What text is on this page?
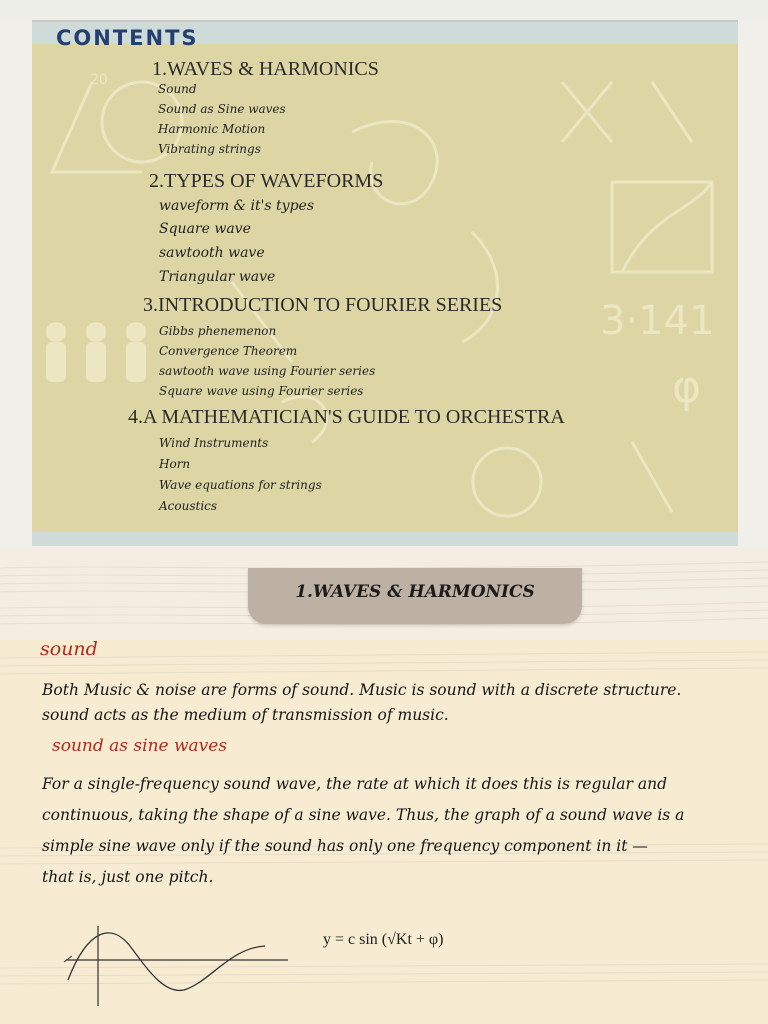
3·141
φ
20
CONTENTS
1.WAVES & HARMONICS
Sound
Sound as Sine waves
Harmonic Motion
Vibrating strings
2.TYPES OF WAVEFORMS
waveform & it's types
Square wave
sawtooth wave
Triangular wave
3.INTRODUCTION TO FOURIER SERIES
Gibbs phenemenon
Convergence Theorem
sawtooth wave using Fourier series
Square wave using Fourier series
4.A MATHEMATICIAN'S GUIDE TO ORCHESTRA
Wind Instruments
Horn
Wave equations for strings
Acoustics
1.WAVES & HARMONICS
sound
Both Music & noise are forms of sound. Music is sound with a discrete structure.
sound acts as the medium of transmission of music.
sound as sine waves
For a single-frequency sound wave, the rate at which it does this is regular and
continuous, taking the shape of a sine wave. Thus, the graph of a sound wave is a
simple sine wave only if the sound has only one frequency component in it —
that is, just one pitch.
y = c sin (√Kt + φ)
